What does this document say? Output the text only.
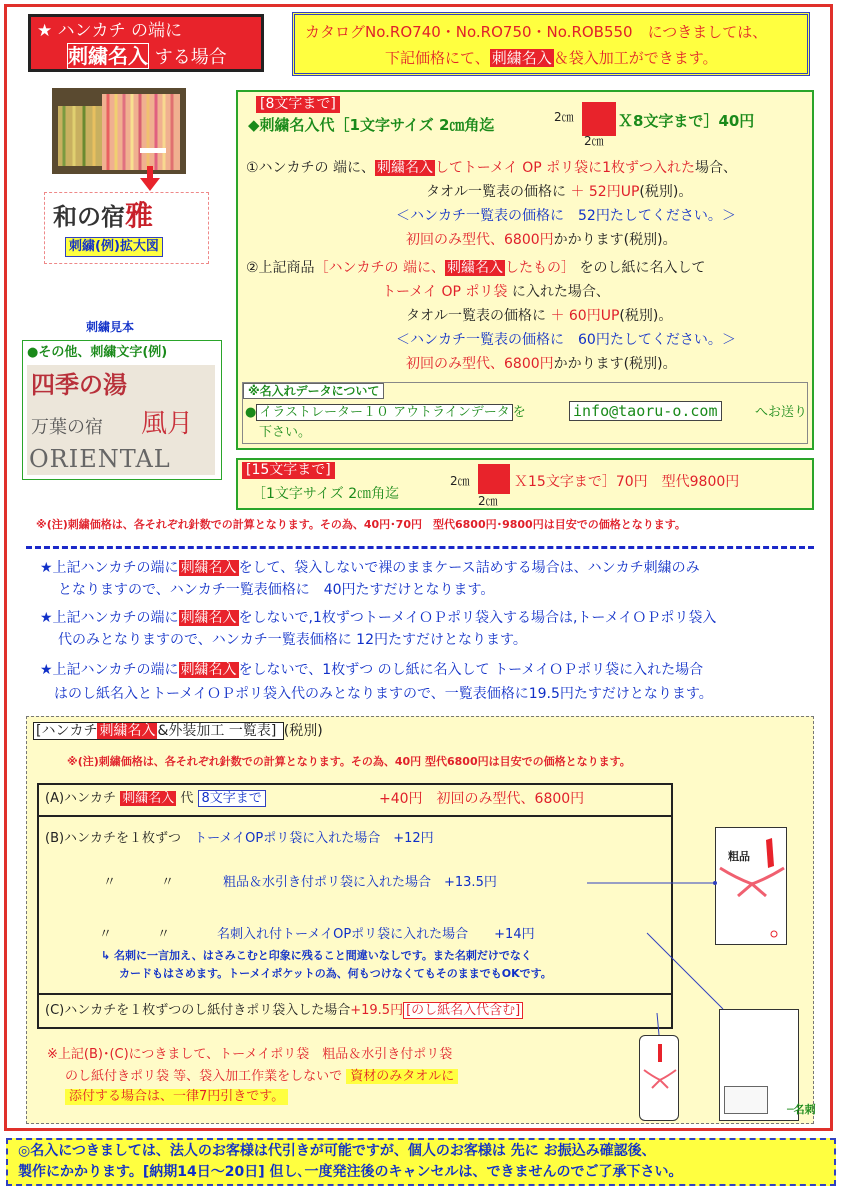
★ ハンカチ の端に
刺繍名入 する場合
カタログNo.RO740・No.RO750・No.ROB550　 につきましては、
下記価格にて、 刺繍名入 ＆袋入加工ができます。
和の宿雅
刺繍(例)拡大図
刺繍見本
●その他、刺繍文字(例)
四季の湯
万葉の宿 風月
ORIENTAL
[8文字まで]
◆刺繍名入代［1文字サイズ 2㎝角迄	2㎝
2㎝
Ｘ8文字まで］40円
①ハンカチの 端に、 刺繍名入 してトーメイ OP ポリ袋に1枚ずつ入れた場合、
タオル一覧表の価格に ＋ 52円UP(税別)。
＜ハンカチ一覧表の価格に　52円たしてください。＞
初回のみ型代、6800円かかります(税別)。
②上記商品［ハンカチの 端に、 刺繍名入 したもの］ をのし紙に名入して
トーメイ OP ポリ袋 に入れた場合、
タオル一覧表の価格に ＋ 60円UP(税別)。
＜ハンカチ一覧表の価格に　60円たしてください。＞
初回のみ型代、6800円かかります(税別)。
※名入れデータについて
● イラストレーター１０ アウトラインデータ を	info@taoru-o.com	へお送り
下さい。
[15文字まで]
［1文字サイズ 2㎝角迄
2㎝
2㎝
Ｘ15文字まで］70円　 型代9800円
※(注)刺繍価格は、各それぞれ針数での計算となります。その為、40円･70円　型代6800円･9800円は目安での価格となります。
★上記ハンカチの端に 刺繍名入 をして、袋入しないで裸のままケース詰めする場合は、ハンカチ刺繍のみ
となりますので、ハンカチ一覧表価格に　40円たすだけとなります。
★上記ハンカチの端に 刺繍名入 をしないで,1枚ずつトーメイＯＰポリ袋入する場合は,トーメイＯＰポリ袋入
代のみとなりますので、ハンカチ一覧表価格に 12円たすだけとなります。
★上記ハンカチの端に 刺繍名入 をしないで、1枚ずつ のし紙に名入して トーメイＯＰポリ袋に入れた場合
はのし紙名入とトーメイＯＰポリ袋入代のみとなりますので、一覧表価格に19.5円たすだけとなります。
[ハンカチ 刺繍名入 &外装加工 一覧表] (税別)
※(注)刺繍価格は、各それぞれ針数での計算となります。その為、40円 型代6800円は目安での価格となります。
(A)ハンカチ 刺繍名入 代 8文字まで	+40円　初回のみ型代、6800円
(B)ハンカチを１枚ずつ　 トーメイOPポリ袋に入れた場合　+12円
〃	〃	粗品＆水引き付ポリ袋に入れた場合　+13.5円
〃	〃	名刺入れ付トーメイOPポリ袋に入れた場合　　+14円
↳ 名刺に一言加え、はさみこむと印象に残ること間違いなしです。また名刺だけでなく
カードもはさめます。トーメイポケットの為、何もつけなくてもそのままでもOKです。
(C)ハンカチを１枚ずつのし紙付きポリ袋入した場合+19.5円 [のし紙名入代含む]
※上記(B)･(C)につきまして、トーメイポリ袋　粗品＆水引き付ポリ袋
のし紙付きポリ袋 等、袋入加工作業をしないで 資材のみタオルに
添付する場合は、一律7円引きです。
粗品
─名刺
◎名入につきましては、法人のお客様は代引きが可能ですが、個人のお客様は 先に お振込み確認後、
製作にかかります。[納期14日～20日] 但し､一度発注後のキャンセルは、できませんのでご了承下さい。
